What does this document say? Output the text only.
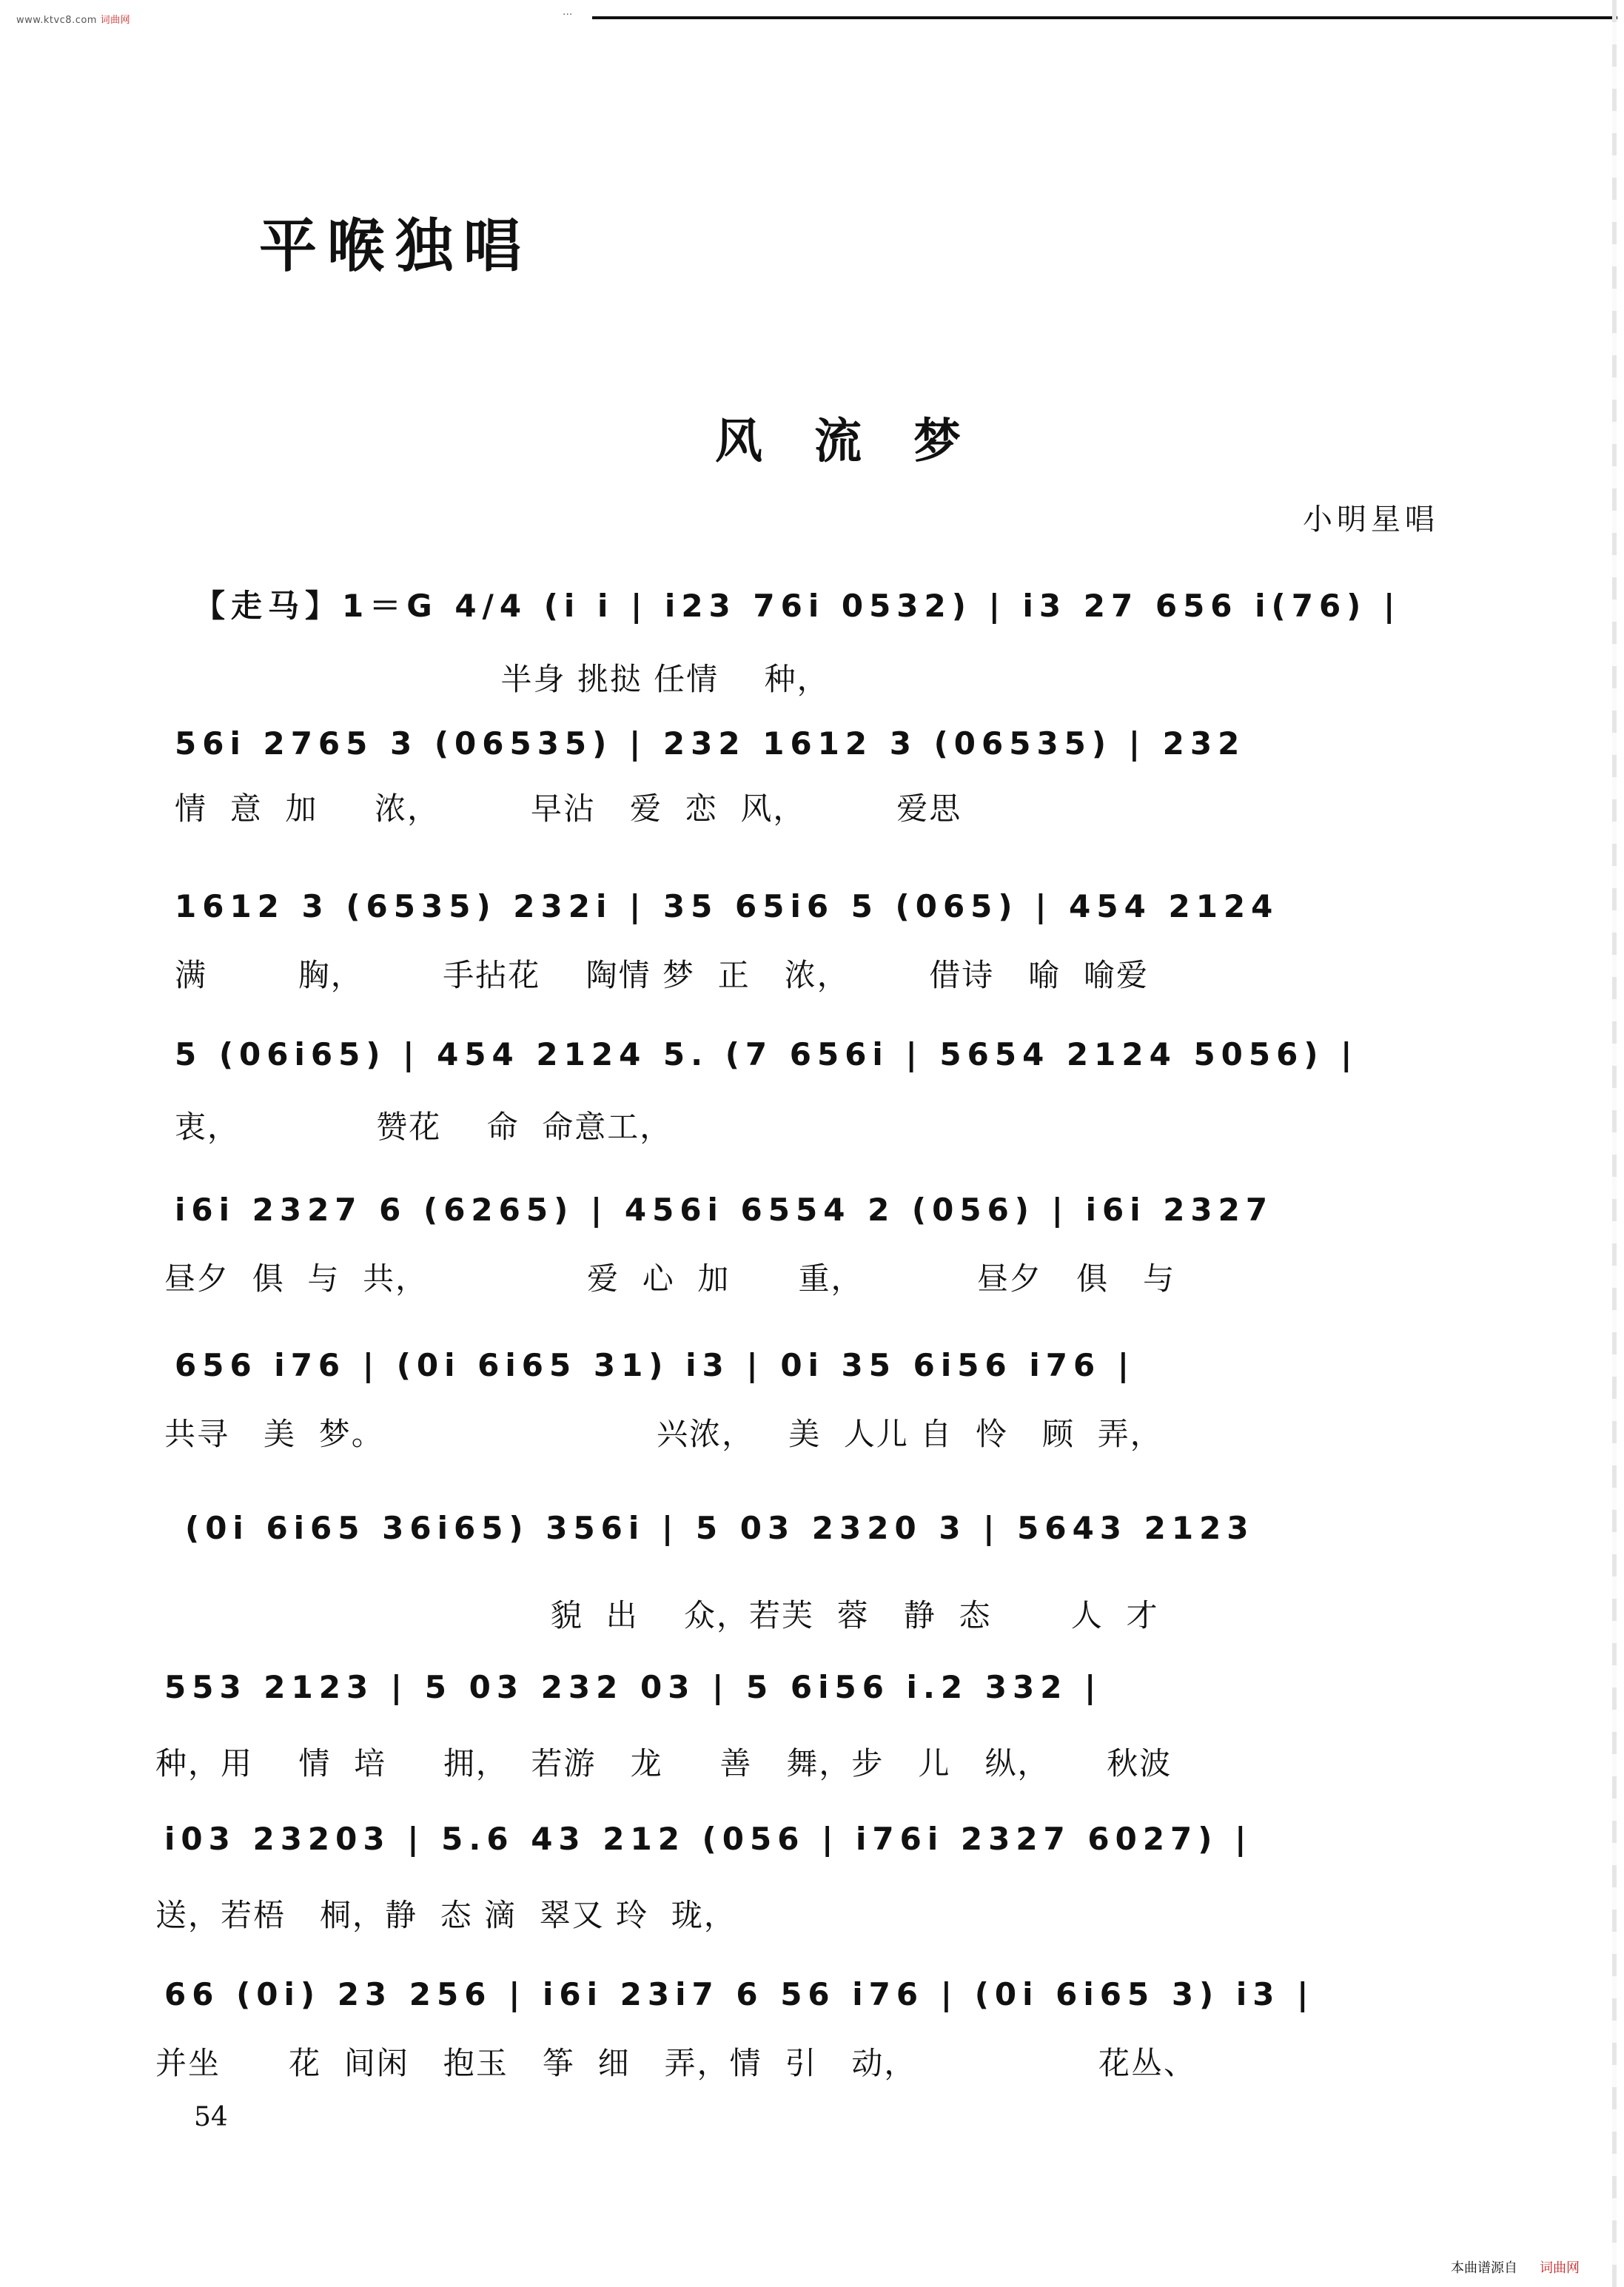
www.ktvc8.com 词曲网	···
平喉独唱
风流梦
小明星唱
【走马】1＝G 4/4 (i i | i23 76i 0532) | i3 27 656 i(76) |
半身 挑挞 任情    种，
56i 2765 3 (06535) | 232 1612 3 (06535) | 232
情  意  加     浓，        早沾   爱  恋  风，        爱思
1612 3 (6535) 232i | 35 65i6 5 (065) | 454 2124
满        胸，       手拈花    陶情 梦  正   浓，       借诗   喻  喻爱
5 (06i65) | 454 2124 5. (7 656i | 5654 2124 5056) |
衷，            赞花    命  命意工，
i6i 2327 6 (6265) | 456i 6554 2 (056) | i6i 2327
昼夕  俱  与  共，              爱  心  加      重，          昼夕   俱   与
656 i76 | (0i 6i65 31) i3 | 0i 35 6i56 i76 |
共寻   美  梦。                        兴浓，   美  人儿 自  怜   顾  弄，
(0i 6i65 36i65) 356i | 5 03 2320 3 | 5643 2123
貌  出    众，若芙  蓉   静  态       人  才
553 2123 | 5 03 232 03 | 5 6i56 i.2 332 |
种，用    情  培     拥，  若游   龙     善   舞，步   儿   纵，     秋波
i03 23203 | 5.6 43 212 (056 | i76i 2327 6027) |
送，若梧   桐，静  态 滴  翠又 玲  珑，
66 (0i) 23 256 | i6i 23i7 6 56 i76 | (0i 6i65 3) i3 |
并坐      花  间闲   抱玉   筝  细   弄，情  引   动，                花丛、
54
本曲谱源自 词曲网
